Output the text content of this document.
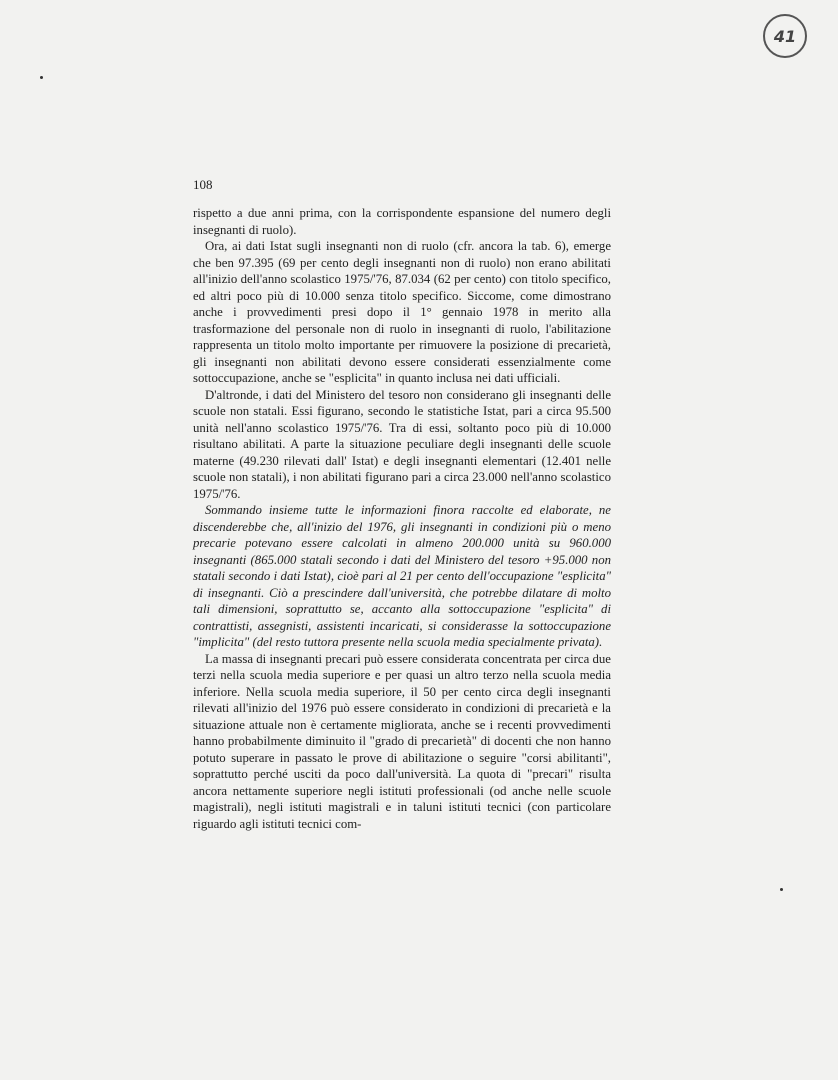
41
108

rispetto a due anni prima, con la corrispondente espansione del numero degli insegnanti di ruolo).

Ora, ai dati Istat sugli insegnanti non di ruolo (cfr. ancora la tab. 6), emerge che ben 97.395 (69 per cento degli insegnanti non di ruolo) non erano abilitati all'inizio dell'anno scolastico 1975/'76, 87.034 (62 per cento) con titolo specifico, ed altri poco più di 10.000 senza titolo specifico. Siccome, come dimostrano anche i provvedimenti presi dopo il 1° gennaio 1978 in merito alla trasformazione del personale non di ruolo in insegnanti di ruolo, l'abilitazione rappresenta un titolo molto importante per rimuovere la posizione di precarietà, gli insegnanti non abilitati devono essere considerati essenzialmente come sottoccupazione, anche se "esplicita" in quanto inclusa nei dati ufficiali.

D'altronde, i dati del Ministero del tesoro non considerano gli insegnanti delle scuole non statali. Essi figurano, secondo le statistiche Istat, pari a circa 95.500 unità nell'anno scolastico 1975/'76. Tra di essi, soltanto poco più di 10.000 risultano abilitati. A parte la situazione peculiare degli insegnanti delle scuole materne (49.230 rilevati dall' Istat) e degli insegnanti elementari (12.401 nelle scuole non statali), i non abilitati figurano pari a circa 23.000 nell'anno scolastico 1975/'76.

Sommando insieme tutte le informazioni finora raccolte ed elaborate, ne discenderebbe che, all'inizio del 1976, gli insegnanti in condizioni più o meno precarie potevano essere calcolati in almeno 200.000 unità su 960.000 insegnanti (865.000 statali secondo i dati del Ministero del tesoro +95.000 non statali secondo i dati Istat), cioè pari al 21 per cento dell'occupazione "esplicita" di insegnanti. Ciò a prescindere dall'università, che potrebbe dilatare di molto tali dimensioni, soprattutto se, accanto alla sottoccupazione "esplicita" di contrattisti, assegnisti, assistenti incaricati, si considerasse la sottoccupazione "implicita" (del resto tuttora presente nella scuola media specialmente privata).

La massa di insegnanti precari può essere considerata concentrata per circa due terzi nella scuola media superiore e per quasi un altro terzo nella scuola media inferiore. Nella scuola media superiore, il 50 per cento circa degli insegnanti rilevati all'inizio del 1976 può essere considerato in condizioni di precarietà e la situazione attuale non è certamente migliorata, anche se i recenti provvedimenti hanno probabilmente diminuito il "grado di precarietà" di docenti che non hanno potuto superare in passato le prove di abilitazione o seguire "corsi abilitanti", soprattutto perché usciti da poco dall'università. La quota di "precari" risulta ancora nettamente superiore negli istituti professionali (od anche nelle scuole magistrali), negli istituti magistrali e in taluni istituti tecnici (con particolare riguardo agli istituti tecnici com-
